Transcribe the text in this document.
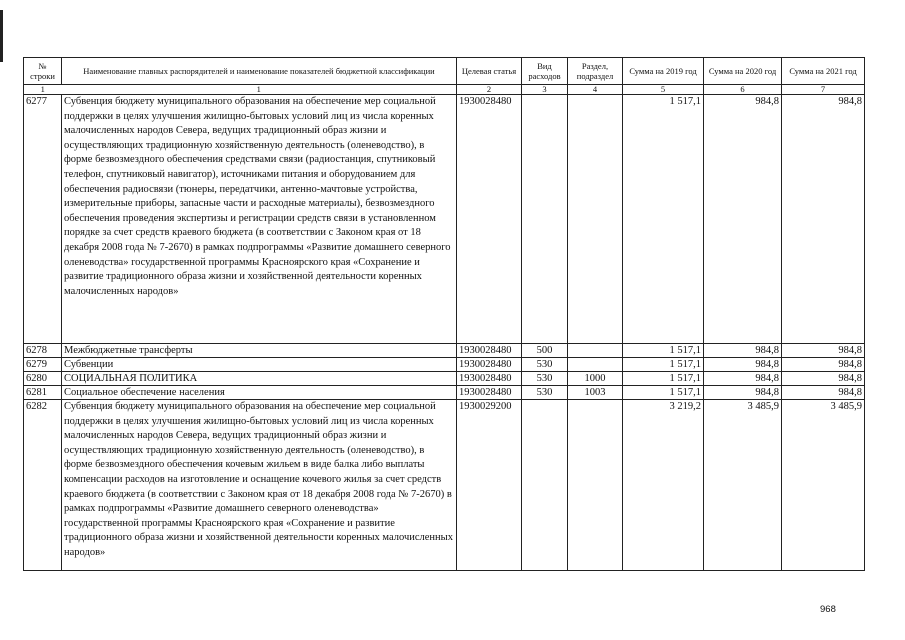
№ строки	Наименование главных распорядителей и наименование показателей бюджетной классификации	Целевая статья	Вид расходов	Раздел, подраздел	Сумма на 2019 год	Сумма на 2020 год	Сумма на 2021 год
1	1	2	3	4	5	6	7
6277	Субвенция бюджету муниципального образования на обеспечение мер социальной поддержки в целях улучшения жилищно-бытовых условий лиц из числа коренных малочисленных народов Севера, ведущих традиционный образ жизни и осуществляющих традиционную хозяйственную деятельность (оленеводство), в форме безвозмездного обеспечения средствами связи (радиостанция, спутниковый телефон, спутниковый навигатор), источниками питания и оборудованием для обеспечения радиосвязи (тюнеры, передатчики, антенно-мачтовые устройства, измерительные приборы, запасные части и расходные материалы), безвозмездного обеспечения проведения экспертизы и регистрации средств связи в установленном порядке за счет средств краевого бюджета (в соответствии с Законом края от 18 декабря 2008 года № 7-2670) в рамках подпрограммы «Развитие домашнего северного оленеводства» государственной программы Красноярского края «Сохранение и развитие традиционного образа жизни и хозяйственной деятельности коренных малочисленных народов»	1930028480			1 517,1	984,8	984,8
6278	Межбюджетные трансферты	1930028480	500		1 517,1	984,8	984,8
6279	Субвенции	1930028480	530		1 517,1	984,8	984,8
6280	СОЦИАЛЬНАЯ ПОЛИТИКА	1930028480	530	1000	1 517,1	984,8	984,8
6281	Социальное обеспечение населения	1930028480	530	1003	1 517,1	984,8	984,8
6282	Субвенция бюджету муниципального образования на обеспечение мер социальной поддержки в целях улучшения жилищно-бытовых условий лиц из числа коренных малочисленных народов Севера, ведущих традиционный образ жизни и осуществляющих традиционную хозяйственную деятельность (оленеводство), в форме безвозмездного обеспечения кочевым жильем в виде балка либо выплаты компенсации расходов на изготовление и оснащение кочевого жилья за счет средств краевого бюджета (в соответствии с Законом края от 18 декабря 2008 года № 7-2670) в рамках подпрограммы «Развитие домашнего северного оленеводства» государственной программы Красноярского края «Сохранение и развитие традиционного образа жизни и хозяйственной деятельности коренных малочисленных народов»	1930029200			3 219,2	3 485,9	3 485,9
968
